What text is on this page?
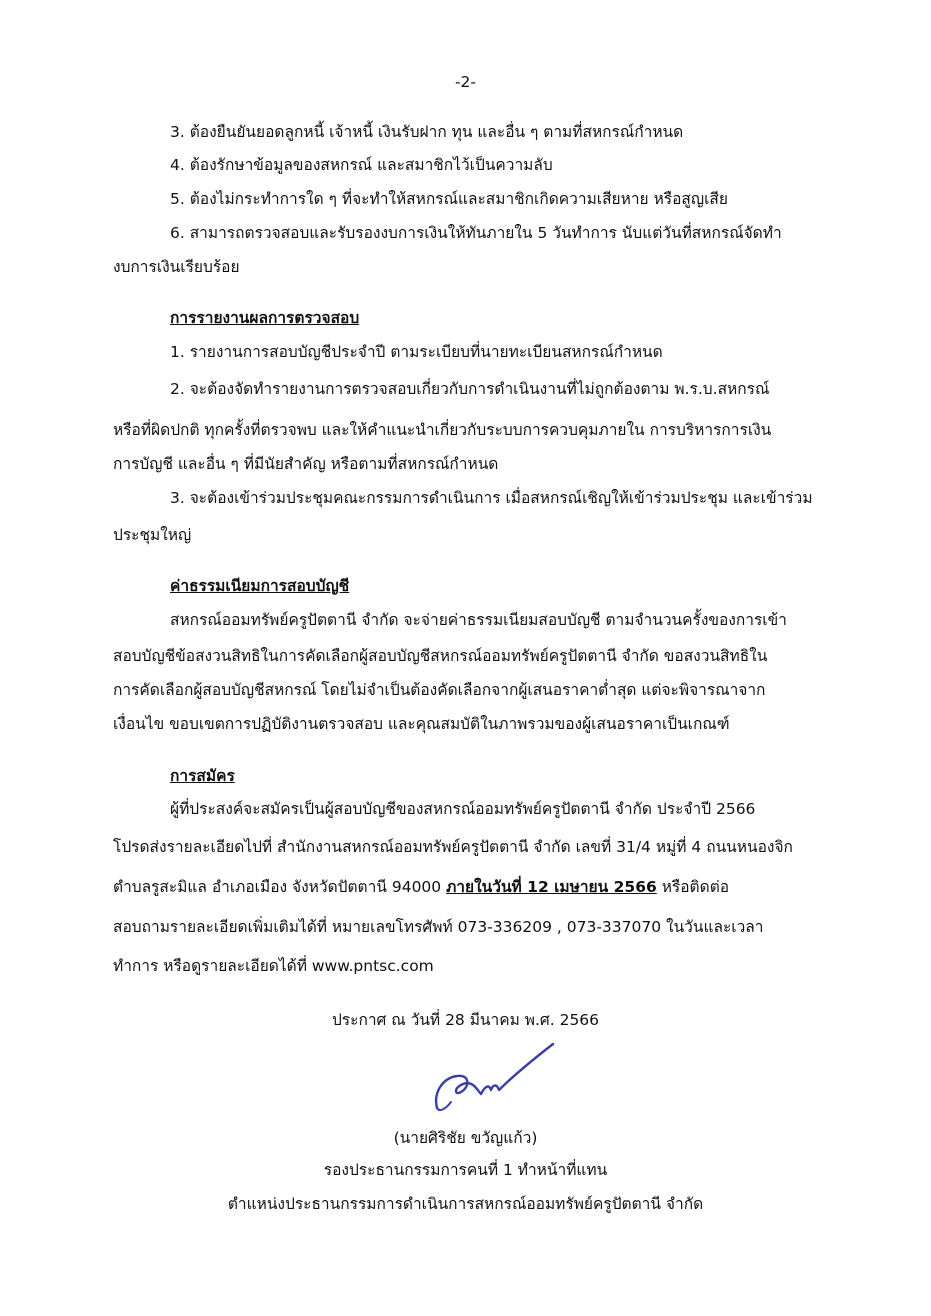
-2-
3. ต้องยืนยันยอดลูกหนี้ เจ้าหนี้ เงินรับฝาก ทุน และอื่น ๆ ตามที่สหกรณ์กำหนด
4. ต้องรักษาข้อมูลของสหกรณ์ และสมาชิกไว้เป็นความลับ
5. ต้องไม่กระทำการใด ๆ ที่จะทำให้สหกรณ์และสมาชิกเกิดความเสียหาย หรือสูญเสีย
6. สามารถตรวจสอบและรับรองงบการเงินให้ทันภายใน 5 วันทำการ นับแต่วันที่สหกรณ์จัดทำ
งบการเงินเรียบร้อย
การรายงานผลการตรวจสอบ
1. รายงานการสอบบัญชีประจำปี ตามระเบียบที่นายทะเบียนสหกรณ์กำหนด
2. จะต้องจัดทำรายงานการตรวจสอบเกี่ยวกับการดำเนินงานที่ไม่ถูกต้องตาม พ.ร.บ.สหกรณ์
หรือที่ผิดปกติ ทุกครั้งที่ตรวจพบ และให้คำแนะนำเกี่ยวกับระบบการควบคุมภายใน การบริหารการเงิน
การบัญชี และอื่น ๆ ที่มีนัยสำคัญ หรือตามที่สหกรณ์กำหนด
3. จะต้องเข้าร่วมประชุมคณะกรรมการดำเนินการ เมื่อสหกรณ์เชิญให้เข้าร่วมประชุม และเข้าร่วม
ประชุมใหญ่
ค่าธรรมเนียมการสอบบัญชี
สหกรณ์ออมทรัพย์ครูปัตตานี จำกัด จะจ่ายค่าธรรมเนียมสอบบัญชี ตามจำนวนครั้งของการเข้า
สอบบัญชีข้อสงวนสิทธิในการคัดเลือกผู้สอบบัญชีสหกรณ์ออมทรัพย์ครูปัตตานี จำกัด ขอสงวนสิทธิใน
การคัดเลือกผู้สอบบัญชีสหกรณ์ โดยไม่จำเป็นต้องคัดเลือกจากผู้เสนอราคาต่ำสุด แต่จะพิจารณาจาก
เงื่อนไข ขอบเขตการปฏิบัติงานตรวจสอบ และคุณสมบัติในภาพรวมของผู้เสนอราคาเป็นเกณฑ์
การสมัคร
ผู้ที่ประสงค์จะสมัครเป็นผู้สอบบัญชีของสหกรณ์ออมทรัพย์ครูปัตตานี จำกัด ประจำปี 2566
โปรดส่งรายละเอียดไปที่ สำนักงานสหกรณ์ออมทรัพย์ครูปัตตานี จำกัด เลขที่ 31/4 หมู่ที่ 4 ถนนหนองจิก
ตำบลรูสะมิแล อำเภอเมือง จังหวัดปัตตานี 94000 ภายในวันที่ 12 เมษายน 2566 หรือติดต่อ
สอบถามรายละเอียดเพิ่มเติมได้ที่ หมายเลขโทรศัพท์ 073-336209 , 073-337070 ในวันและเวลา
ทำการ หรือดูรายละเอียดได้ที่ www.pntsc.com
ประกาศ ณ วันที่ 28 มีนาคม พ.ศ. 2566
(นายศิริชัย ขวัญแก้ว)
รองประธานกรรมการคนที่ 1 ทำหน้าที่แทน
ตำแหน่งประธานกรรมการดำเนินการสหกรณ์ออมทรัพย์ครูปัตตานี จำกัด
